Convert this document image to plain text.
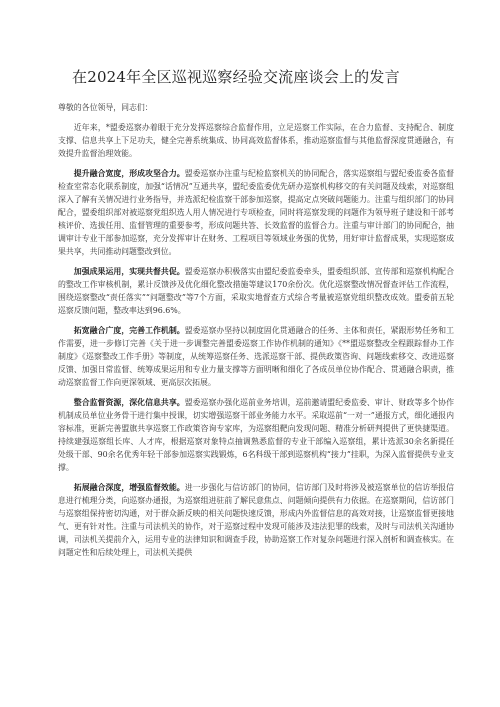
在2024年全区巡视巡察经验交流座谈会上的发言

尊敬的各位领导，同志们：

近年来，*盟委巡察办着眼于充分发挥巡察综合监督作用，立足巡察工作实际，在合力监督、支持配合、制度支撑、信息共享上下足功夫，健全完善系统集成、协同高效监督体系，推动巡察监督与其他监督深度贯通融合，有效提升监督治理效能。

提升融合宽度，形成攻坚合力。盟委巡察办注重与纪检监察机关的协同配合，落实巡察组与盟纪委监委各监督检查室常态化联系制度，加强“话情况”互通共享，盟纪委监委优先研办巡察机构移交的有关问题及线索，对巡察组深入了解有关情况进行业务指导，并选派纪检监察干部参加巡察，提高定点突破问题能力。注重与组织部门的协同配合，盟委组织部对被巡察党组织选人用人情况进行专项检查，同时将巡察发现的问题作为领导班子建设和干部考核评价、选拔任用、监督管理的重要参考，形成问题共答、长效监督的监督合力。注重与审计部门的协同配合，抽调审计专业干部参加巡察，充分发挥审计在财务、工程项目等领域业务强的优势，用好审计监督成果，实现巡察成果共享，共同推动问题整改到位。

加强成果运用，实现共督共促。盟委巡察办积极落实由盟纪委监委牵头，盟委组织部、宣传部和巡察机构配合的整改工作审核机制，累计反馈涉及优化细化整改措施等建议170余份次。优化巡察整改情况督查评估工作流程，围绕巡察整改“责任落实”“问题整改”等7个方面，采取实地督查方式综合考量被巡察党组织整改成效。盟委前五轮巡察反馈问题，整改率达到96.6%。

拓宽融合广度，完善工作机制。盟委巡察办坚持以制度固化贯通融合的任务、主体和责任，紧跟形势任务和工作需要，进一步修订完善《关于进一步调整完善盟委巡察工作协作机制的通知》《**盟巡察整改全程跟踪督办工作制度》《巡察整改工作手册》等制度，从统筹巡察任务、选派巡察干部、提供政策咨询、问题线索移交、改进巡察反馈、加强日常监督、统筹成果运用和专业力量支撑等方面明晰和细化了各成员单位协作配合、贯通融合职责，推动巡察监督工作向更深领域、更高层次拓展。

整合监督资源，深化信息共享。盟委巡察办强化巡前业务培训，巡前邀请盟纪委监委、审计、财政等多个协作机制成员单位业务骨干进行集中授课，切实增强巡察干部业务能力水平。采取巡前“一对一”通报方式，细化通报内容标准，更新完善盟旗共享巡察工作政策咨询专家库，为巡察组靶向发现问题、精准分析研判提供了更快捷渠道。持续建强巡察组长库、人才库，根据巡察对象特点抽调熟悉监督的专业干部编入巡察组，累计选派30余名新提任处级干部、90余名优秀年轻干部参加巡察实践锻炼，6名科级干部到巡察机构“接力”挂职，为深入监督提供专业支撑。

拓展融合深度，增强监督效能。进一步强化与信访部门的协同，信访部门及时将涉及被巡察单位的信访举报信息进行梳理分类，向巡察办通报，为巡察组进驻前了解民意焦点、问题倾向提供有力依据。在巡察期间，信访部门与巡察组保持密切沟通，对于群众新反映的相关问题快速反馈，形成内外监督信息的高效对接，让巡察监督更接地气、更有针对性。注重与司法机关的协作，对于巡察过程中发现可能涉及违法犯罪的线索，及时与司法机关沟通协调，司法机关提前介入，运用专业的法律知识和调查手段，协助巡察工作对复杂问题进行深入剖析和调查核实。在问题定性和后续处理上，司法机关提供
